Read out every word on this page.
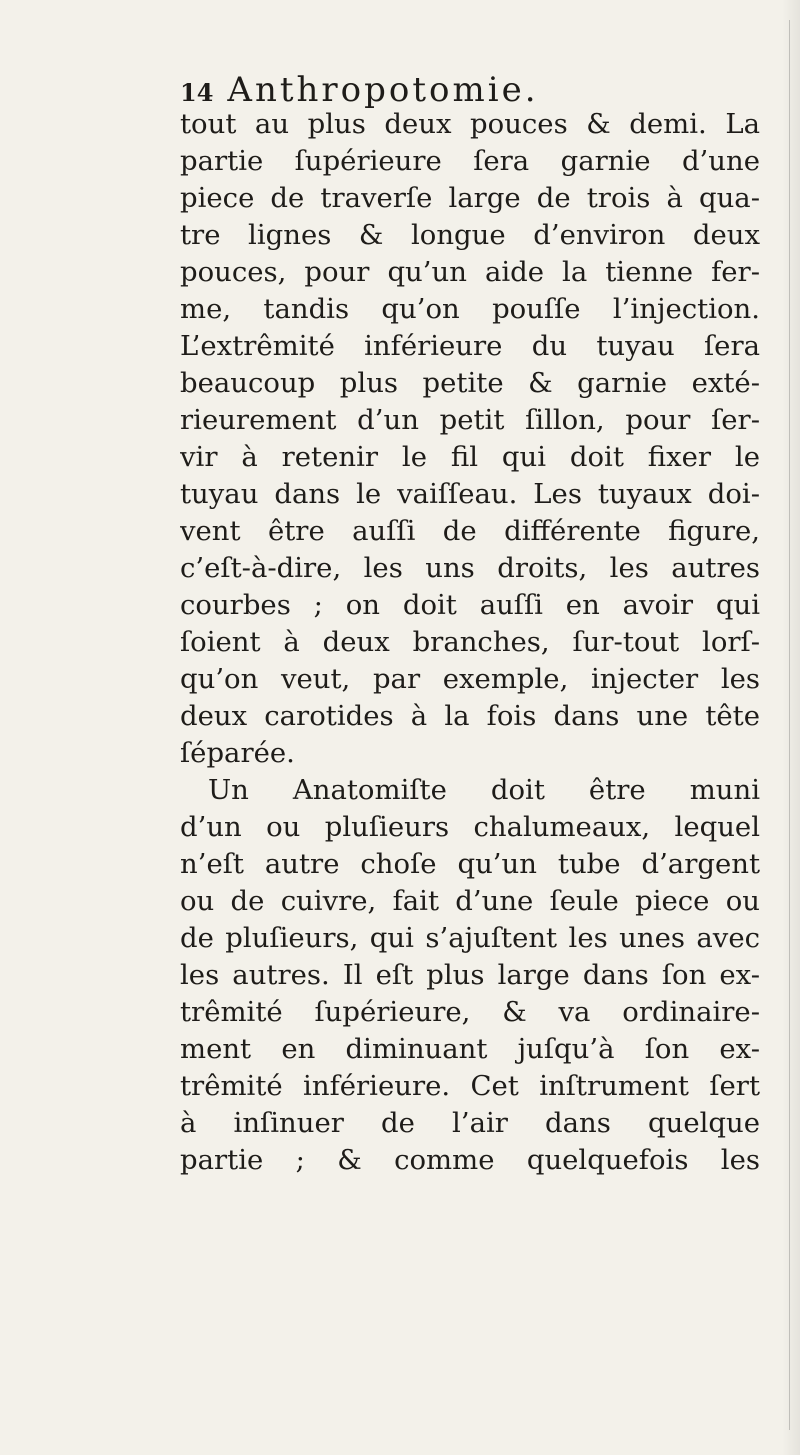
14 Anthropotomie.
tout au plus deux pouces & demi. La
partie ſupérieure ſera garnie d’une
piece de traverſe large de trois à qua-
tre lignes & longue d’environ deux
pouces, pour qu’un aide la tienne fer-
me, tandis qu’on pouſſe l’injection.
L’extrêmité inférieure du tuyau ſera
beaucoup plus petite & garnie exté-
rieurement d’un petit ſillon, pour ſer-
vir à retenir le fil qui doit fixer le
tuyau dans le vaiſſeau. Les tuyaux doi-
vent être auſſi de différente figure,
c’eſt-à-dire, les uns droits, les autres
courbes ; on doit auſſi en avoir qui
ſoient à deux branches, ſur-tout lorſ-
qu’on veut, par exemple, injecter les
deux carotides à la fois dans une tête
ſéparée.
Un Anatomiſte doit être muni
d’un ou pluſieurs chalumeaux, lequel
n’eſt autre choſe qu’un tube d’argent
ou de cuivre, fait d’une ſeule piece ou
de pluſieurs, qui s’ajuſtent les unes avec
les autres. Il eſt plus large dans ſon ex-
trêmité ſupérieure, & va ordinaire-
ment en diminuant juſqu’à ſon ex-
trêmité inférieure. Cet inſtrument ſert
à inſinuer de l’air dans quelque
partie ; & comme quelquefois les
